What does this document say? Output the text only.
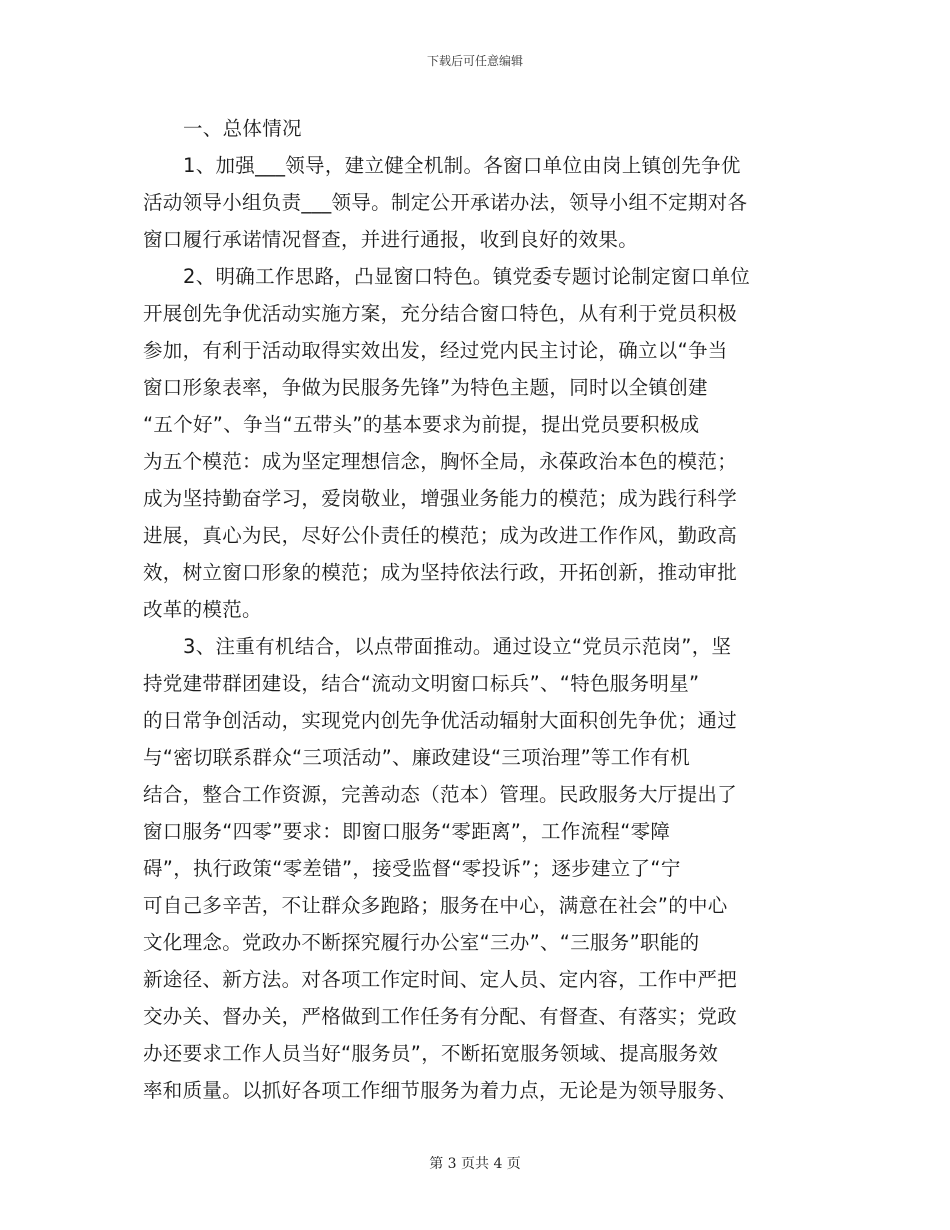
下载后可任意编辑
一、总体情况
1、加强___领导，建立健全机制。各窗口单位由岗上镇创先争优
活动领导小组负责___领导。制定公开承诺办法，领导小组不定期对各
窗口履行承诺情况督查，并进行通报，收到良好的效果。
2、明确工作思路，凸显窗口特色。镇党委专题讨论制定窗口单位
开展创先争优活动实施方案，充分结合窗口特色，从有利于党员积极
参加，有利于活动取得实效出发，经过党内民主讨论，确立以“争当
窗口形象表率，争做为民服务先锋”为特色主题，同时以全镇创建
“五个好”、争当“五带头”的基本要求为前提，提出党员要积极成
为五个模范：成为坚定理想信念，胸怀全局，永葆政治本色的模范；
成为坚持勤奋学习，爱岗敬业，增强业务能力的模范；成为践行科学
进展，真心为民，尽好公仆责任的模范；成为改进工作作风，勤政高
效，树立窗口形象的模范；成为坚持依法行政，开拓创新，推动审批
改革的模范。
3、注重有机结合，以点带面推动。通过设立“党员示范岗”，坚
持党建带群团建设，结合“流动文明窗口标兵”、“特色服务明星”
的日常争创活动，实现党内创先争优活动辐射大面积创先争优；通过
与“密切联系群众“三项活动”、廉政建设“三项治理”等工作有机
结合，整合工作资源，完善动态（范本）管理。民政服务大厅提出了
窗口服务“四零”要求：即窗口服务“零距离”，工作流程“零障
碍”，执行政策“零差错”，接受监督“零投诉”；逐步建立了“宁
可自己多辛苦，不让群众多跑路；服务在中心，满意在社会”的中心
文化理念。党政办不断探究履行办公室“三办”、“三服务”职能的
新途径、新方法。对各项工作定时间、定人员、定内容，工作中严把
交办关、督办关，严格做到工作任务有分配、有督查、有落实；党政
办还要求工作人员当好“服务员”，不断拓宽服务领域、提高服务效
率和质量。以抓好各项工作细节服务为着力点，无论是为领导服务、
第 3 页共 4 页
